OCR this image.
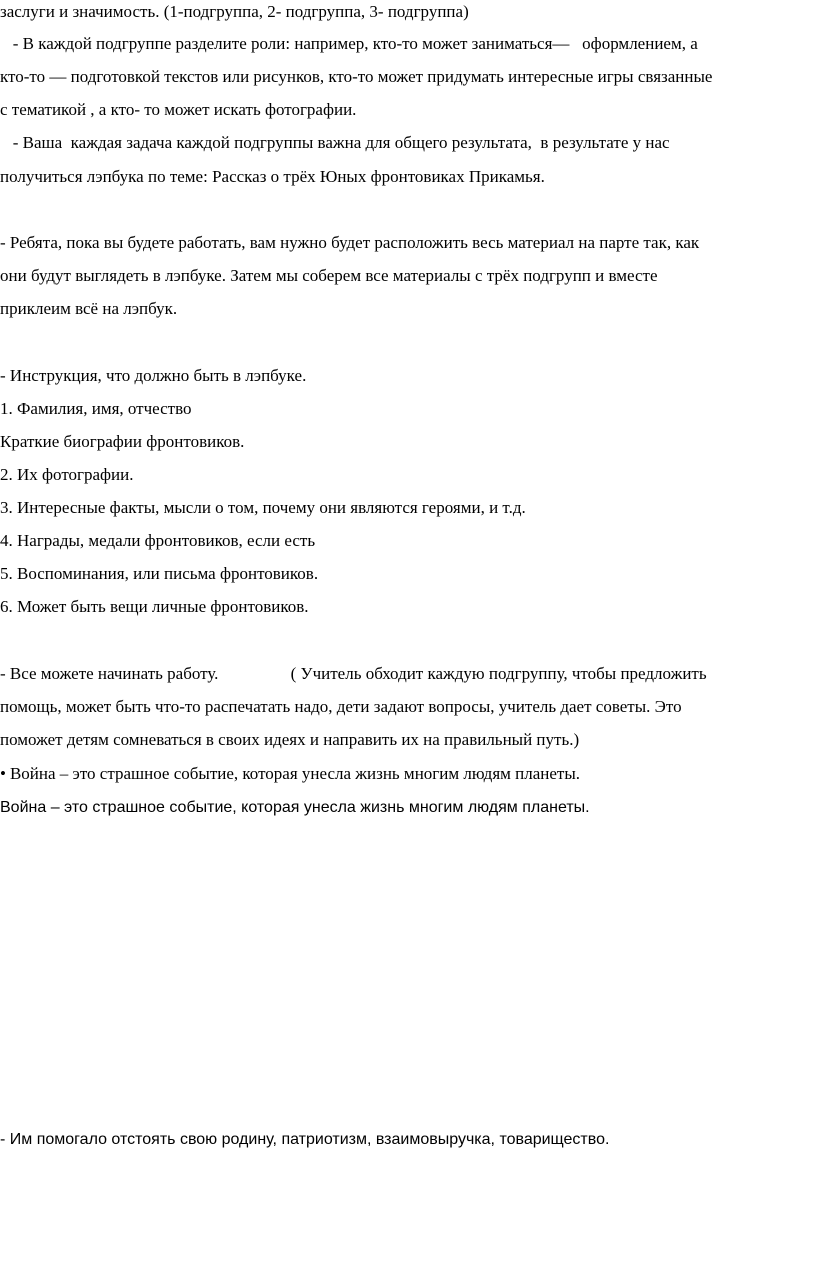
заслуги и значимость. (1-подгруппа, 2- подгруппа, 3- подгруппа)
- В каждой подгруппе разделите роли: например, кто-то может заниматься—   оформлением, а
кто-то — подготовкой текстов или рисунков, кто-то может придумать интересные игры связанные
с тематикой , а кто- то может искать фотографии.
- Ваша  каждая задача каждой подгруппы важна для общего результата,  в результате у нас
получиться лэпбука по теме: Рассказ о трёх Юных фронтовиках Прикамья.
- Ребята, пока вы будете работать, вам нужно будет расположить весь материал на парте так, как
они будут выглядеть в лэпбуке. Затем мы соберем все материалы с трёх подгрупп и вместе
приклеим всё на лэпбук.
- Инструкция, что должно быть в лэпбуке.
1. Фамилия, имя, отчество
Краткие биографии фронтовиков.
2. Их фотографии.
3. Интересные факты, мысли о том, почему они являются героями, и т.д.
4. Награды, медали фронтовиков, если есть
5. Воспоминания, или письма фронтовиков.
6. Может быть вещи личные фронтовиков.
- Все можете начинать работу.                 ( Учитель обходит каждую подгруппу, чтобы предложить
помощь, может быть что-то распечатать надо, дети задают вопросы, учитель дает советы. Это
поможет детям сомневаться в своих идеях и направить их на правильный путь.)
• Война – это страшное событие, которая унесла жизнь многим людям планеты.
Война – это страшное событие, которая унесла жизнь многим людям планеты.
- Им помогало отстоять свою родину, патриотизм, взаимовыручка, товарищество.
